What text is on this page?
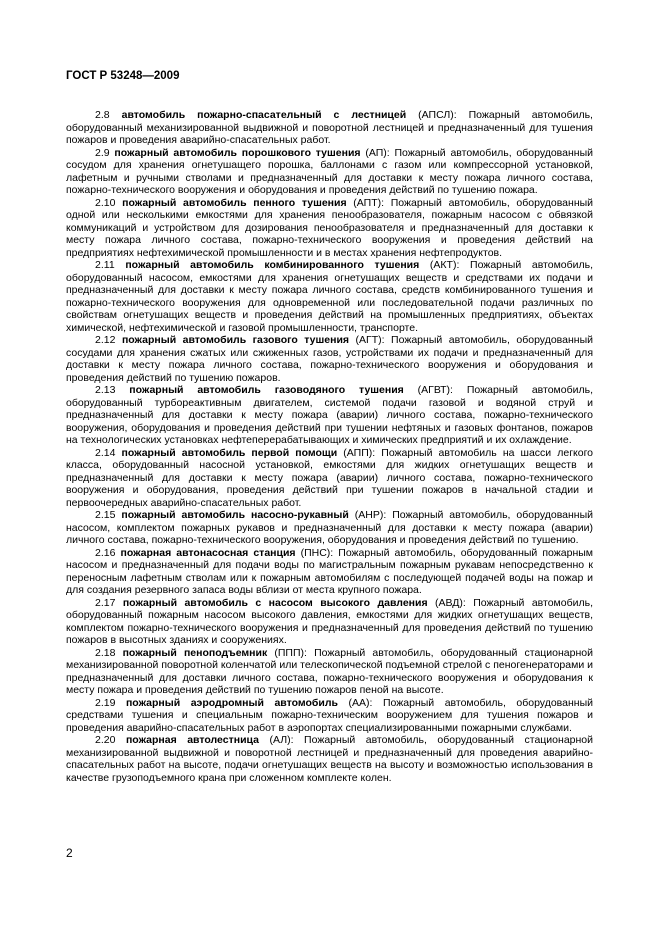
ГОСТ Р 53248—2009

2.8 автомобиль пожарно-спасательный с лестницей (АПСЛ): Пожарный автомобиль, оборудованный механизированной выдвижной и поворотной лестницей и предназначенный для тушения пожаров и проведения аварийно-спасательных работ.

2.9 пожарный автомобиль порошкового тушения (АП): Пожарный автомобиль, оборудованный сосудом для хранения огнетушащего порошка, баллонами с газом или компрессорной установкой, лафетным и ручными стволами и предназначенный для доставки к месту пожара личного состава, пожарно-технического вооружения и оборудования и проведения действий по тушению пожара.

2.10 пожарный автомобиль пенного тушения (АПТ): Пожарный автомобиль, оборудованный одной или несколькими емкостями для хранения пенообразователя, пожарным насосом с обвязкой коммуникаций и устройством для дозирования пенообразователя и предназначенный для доставки к месту пожара личного состава, пожарно-технического вооружения и проведения действий на предприятиях нефтехимической промышленности и в местах хранения нефтепродуктов.

2.11 пожарный автомобиль комбинированного тушения (АКТ): Пожарный автомобиль, оборудованный насосом, емкостями для хранения огнетушащих веществ и средствами их подачи и предназначенный для доставки к месту пожара личного состава, средств комбинированного тушения и пожарно-технического вооружения для одновременной или последовательной подачи различных по свойствам огнетушащих веществ и проведения действий на промышленных предприятиях, объектах химической, нефтехимической и газовой промышленности, транспорте.

2.12 пожарный автомобиль газового тушения (АГТ): Пожарный автомобиль, оборудованный сосудами для хранения сжатых или сжиженных газов, устройствами их подачи и предназначенный для доставки к месту пожара личного состава, пожарно-технического вооружения и оборудования и проведения действий по тушению пожаров.

2.13 пожарный автомобиль газоводяного тушения (АГВТ): Пожарный автомобиль, оборудованный турбореактивным двигателем, системой подачи газовой и водяной струй и предназначенный для доставки к месту пожара (аварии) личного состава, пожарно-технического вооружения, оборудования и проведения действий при тушении нефтяных и газовых фонтанов, пожаров на технологических установках нефтеперерабатывающих и химических предприятий и их охлаждение.

2.14 пожарный автомобиль первой помощи (АПП): Пожарный автомобиль на шасси легкого класса, оборудованный насосной установкой, емкостями для жидких огнетушащих веществ и предназначенный для доставки к месту пожара (аварии) личного состава, пожарно-технического вооружения и оборудования, проведения действий при тушении пожаров в начальной стадии и первоочередных аварийно-спасательных работ.

2.15 пожарный автомобиль насосно-рукавный (АНР): Пожарный автомобиль, оборудованный насосом, комплектом пожарных рукавов и предназначенный для доставки к месту пожара (аварии) личного состава, пожарно-технического вооружения, оборудования и проведения действий по тушению.

2.16 пожарная автонасосная станция (ПНС): Пожарный автомобиль, оборудованный пожарным насосом и предназначенный для подачи воды по магистральным пожарным рукавам непосредственно к переносным лафетным стволам или к пожарным автомобилям с последующей подачей воды на пожар и для создания резервного запаса воды вблизи от места крупного пожара.

2.17 пожарный автомобиль с насосом высокого давления (АВД): Пожарный автомобиль, оборудованный пожарным насосом высокого давления, емкостями для жидких огнетушащих веществ, комплектом пожарно-технического вооружения и предназначенный для проведения действий по тушению пожаров в высотных зданиях и сооружениях.

2.18 пожарный пеноподъемник (ППП): Пожарный автомобиль, оборудованный стационарной механизированной поворотной коленчатой или телескопической подъемной стрелой с пеногенераторами и предназначенный для доставки личного состава, пожарно-технического вооружения и оборудования к месту пожара и проведения действий по тушению пожаров пеной на высоте.

2.19 пожарный аэродромный автомобиль (АА): Пожарный автомобиль, оборудованный средствами тушения и специальным пожарно-техническим вооружением для тушения пожаров и проведения аварийно-спасательных работ в аэропортах специализированными пожарными службами.

2.20 пожарная автолестница (АЛ): Пожарный автомобиль, оборудованный стационарной механизированной выдвижной и поворотной лестницей и предназначенный для проведения аварийно-спасательных работ на высоте, подачи огнетушащих веществ на высоту и возможностью использования в качестве грузоподъемного крана при сложенном комплекте колен.

2
